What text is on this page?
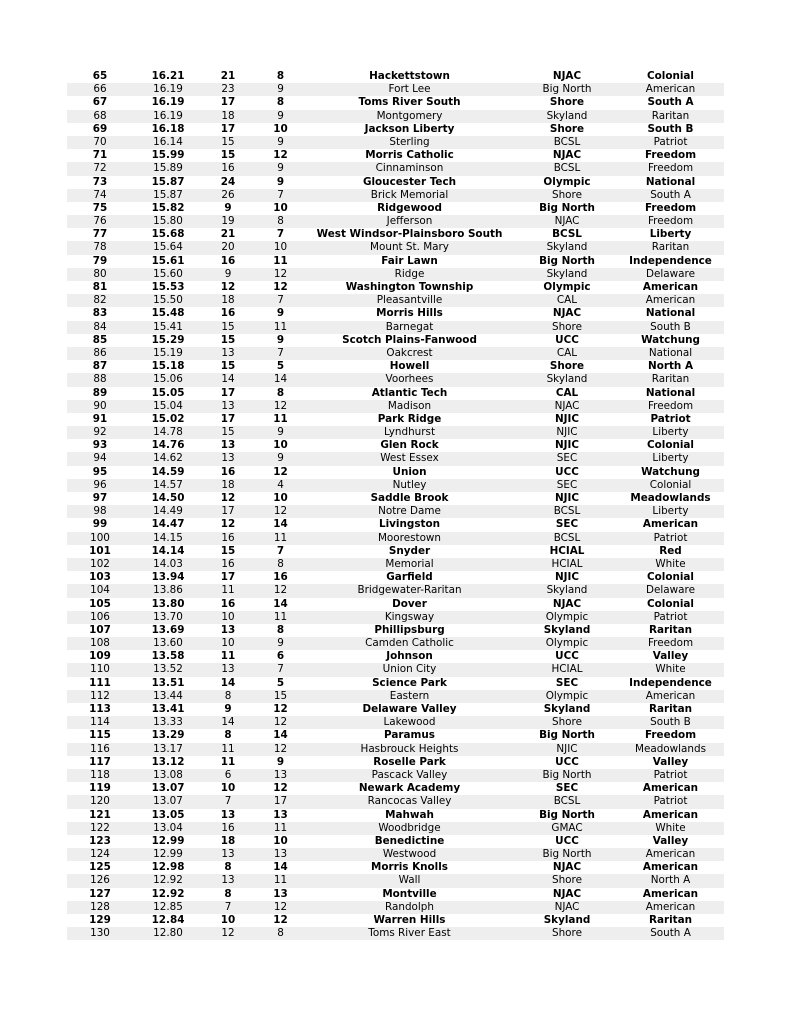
65	16.21	21	8	Hackettstown	NJAC	Colonial
66	16.19	23	9	Fort Lee	Big North	American
67	16.19	17	8	Toms River South	Shore	South A
68	16.19	18	9	Montgomery	Skyland	Raritan
69	16.18	17	10	Jackson Liberty	Shore	South B
70	16.14	15	9	Sterling	BCSL	Patriot
71	15.99	15	12	Morris Catholic	NJAC	Freedom
72	15.89	16	9	Cinnaminson	BCSL	Freedom
73	15.87	24	9	Gloucester Tech	Olympic	National
74	15.87	26	7	Brick Memorial	Shore	South A
75	15.82	9	10	Ridgewood	Big North	Freedom
76	15.80	19	8	Jefferson	NJAC	Freedom
77	15.68	21	7	West Windsor-Plainsboro South	BCSL	Liberty
78	15.64	20	10	Mount St. Mary	Skyland	Raritan
79	15.61	16	11	Fair Lawn	Big North	Independence
80	15.60	9	12	Ridge	Skyland	Delaware
81	15.53	12	12	Washington Township	Olympic	American
82	15.50	18	7	Pleasantville	CAL	American
83	15.48	16	9	Morris Hills	NJAC	National
84	15.41	15	11	Barnegat	Shore	South B
85	15.29	15	9	Scotch Plains-Fanwood	UCC	Watchung
86	15.19	13	7	Oakcrest	CAL	National
87	15.18	15	5	Howell	Shore	North A
88	15.06	14	14	Voorhees	Skyland	Raritan
89	15.05	17	8	Atlantic Tech	CAL	National
90	15.04	13	12	Madison	NJAC	Freedom
91	15.02	17	11	Park Ridge	NJIC	Patriot
92	14.78	15	9	Lyndhurst	NJIC	Liberty
93	14.76	13	10	Glen Rock	NJIC	Colonial
94	14.62	13	9	West Essex	SEC	Liberty
95	14.59	16	12	Union	UCC	Watchung
96	14.57	18	4	Nutley	SEC	Colonial
97	14.50	12	10	Saddle Brook	NJIC	Meadowlands
98	14.49	17	12	Notre Dame	BCSL	Liberty
99	14.47	12	14	Livingston	SEC	American
100	14.15	16	11	Moorestown	BCSL	Patriot
101	14.14	15	7	Snyder	HCIAL	Red
102	14.03	16	8	Memorial	HCIAL	White
103	13.94	17	16	Garfield	NJIC	Colonial
104	13.86	11	12	Bridgewater-Raritan	Skyland	Delaware
105	13.80	16	14	Dover	NJAC	Colonial
106	13.70	10	11	Kingsway	Olympic	Patriot
107	13.69	13	8	Phillipsburg	Skyland	Raritan
108	13.60	10	9	Camden Catholic	Olympic	Freedom
109	13.58	11	6	Johnson	UCC	Valley
110	13.52	13	7	Union City	HCIAL	White
111	13.51	14	5	Science Park	SEC	Independence
112	13.44	8	15	Eastern	Olympic	American
113	13.41	9	12	Delaware Valley	Skyland	Raritan
114	13.33	14	12	Lakewood	Shore	South B
115	13.29	8	14	Paramus	Big North	Freedom
116	13.17	11	12	Hasbrouck Heights	NJIC	Meadowlands
117	13.12	11	9	Roselle Park	UCC	Valley
118	13.08	6	13	Pascack Valley	Big North	Patriot
119	13.07	10	12	Newark Academy	SEC	American
120	13.07	7	17	Rancocas Valley	BCSL	Patriot
121	13.05	13	13	Mahwah	Big North	American
122	13.04	16	11	Woodbridge	GMAC	White
123	12.99	18	10	Benedictine	UCC	Valley
124	12.99	13	13	Westwood	Big North	American
125	12.98	8	14	Morris Knolls	NJAC	American
126	12.92	13	11	Wall	Shore	North A
127	12.92	8	13	Montville	NJAC	American
128	12.85	7	12	Randolph	NJAC	American
129	12.84	10	12	Warren Hills	Skyland	Raritan
130	12.80	12	8	Toms River East	Shore	South A
